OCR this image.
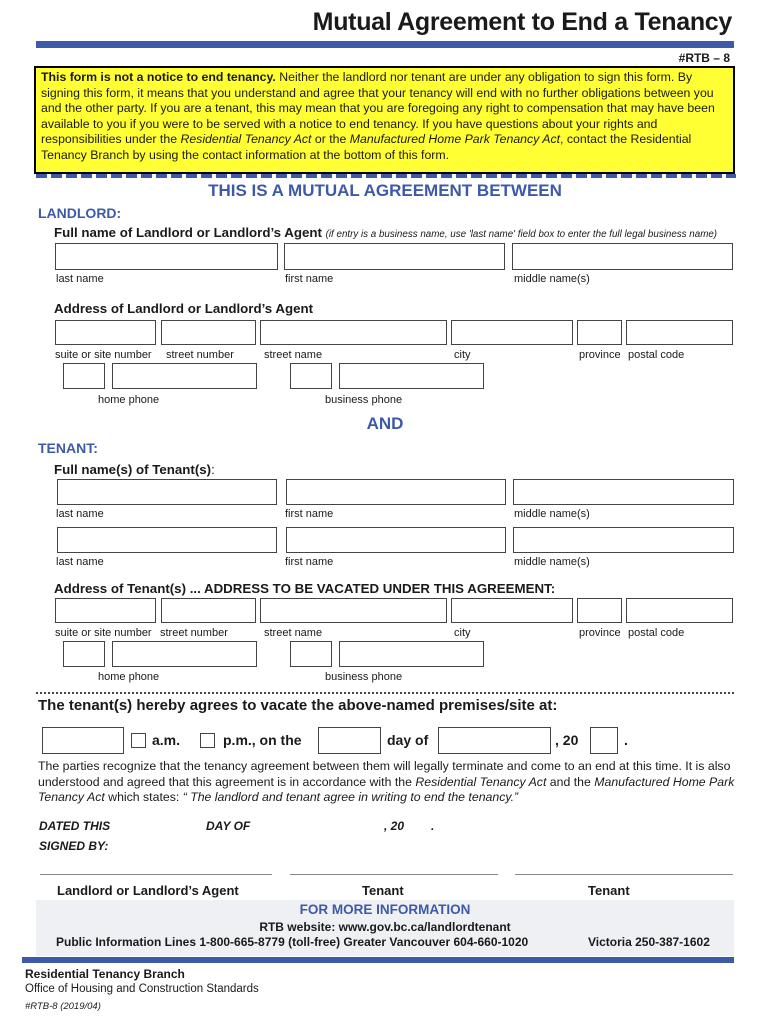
Mutual Agreement to End a Tenancy
#RTB – 8
This form is not a notice to end tenancy. Neither the landlord nor tenant are under any obligation to sign this form. By signing this form, it means that you understand and agree that your tenancy will end with no further obligations between you and the other party. If you are a tenant, this may mean that you are foregoing any right to compensation that may have been available to you if you were to be served with a notice to end tenancy. If you have questions about your rights and responsibilities under the Residential Tenancy Act or the Manufactured Home Park Tenancy Act, contact the Residential Tenancy Branch by using the contact information at the bottom of this form.
THIS IS A MUTUAL AGREEMENT BETWEEN
LANDLORD:
Full name of Landlord or Landlord’s Agent (if entry is a business name, use 'last name' field box to enter the full legal business name)
last name	first name	middle name(s)
Address of Landlord or Landlord’s Agent
suite or site number street number	street name	city	province postal code
home phone	business phone
AND
TENANT:
Full name(s) of Tenant(s):
last name	first name	middle name(s)
last name	first name	middle name(s)
Address of Tenant(s) ... ADDRESS TO BE VACATED UNDER THIS AGREEMENT:
suite or site number street number	street name	city	province postal code
home phone	business phone
The tenant(s) hereby agrees to vacate the above-named premises/site at:
a.m.	p.m., on the	day of	, 20	.
The parties recognize that the tenancy agreement between them will legally terminate and come to an end at this time. It is also understood and agreed that this agreement is in accordance with the Residential Tenancy Act and the Manufactured Home Park Tenancy Act which states: “ The landlord and tenant agree in writing to end the tenancy.”
DATED THIS	DAY OF	, 20 .
SIGNED BY:
Landlord or Landlord’s Agent	Tenant	Tenant
FOR MORE INFORMATION
RTB website: www.gov.bc.ca/landlordtenant
Public Information Lines 1-800-665-8779 (toll-free) Greater Vancouver 604-660-1020	Victoria 250-387-1602
Residential Tenancy Branch
Office of Housing and Construction Standards
#RTB-8 (2019/04)
